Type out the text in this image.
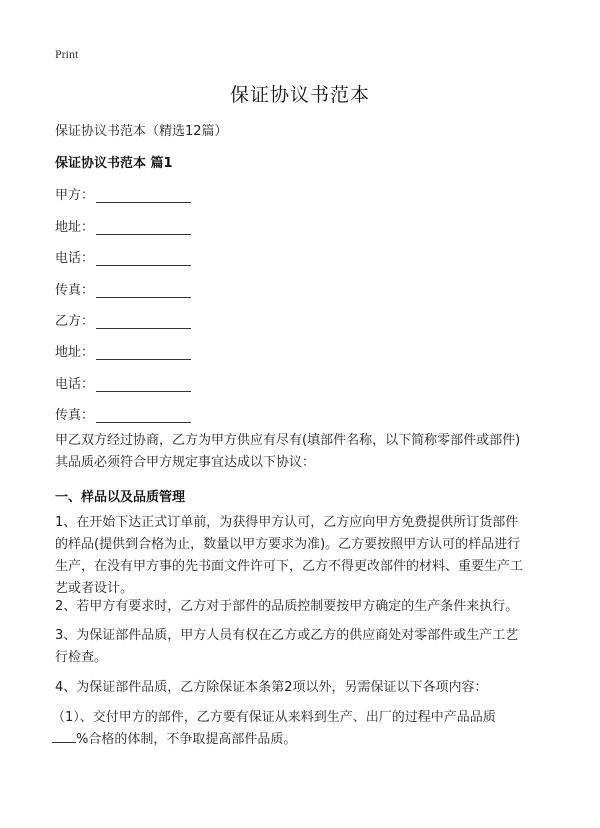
Print
保证协议书范本
保证协议书范本（精选12篇）
保证协议书范本 篇1
甲方：
地址：
电话：
传真：
乙方：
地址：
电话：
传真：
甲乙双方经过协商，乙方为甲方供应有尽有(填部件名称，以下简称零部件或部件)
其品质必须符合甲方规定事宜达成以下协议：
一、样品以及品质管理
1、在开始下达正式订单前，为获得甲方认可，乙方应向甲方免费提供所订货部件
的样品(提供到合格为止，数量以甲方要求为准)。乙方要按照甲方认可的样品进行
生产，在没有甲方事的先书面文件许可下，乙方不得更改部件的材料、重要生产工
艺或者设计。
2、若甲方有要求时，乙方对于部件的品质控制要按甲方确定的生产条件来执行。
3、为保证部件品质，甲方人员有权在乙方或乙方的供应商处对零部件或生产工艺
行检查。
4、为保证部件品质，乙方除保证本条第2项以外，另需保证以下各项内容：
（1）、交付甲方的部件，乙方要有保证从来料到生产、出厂的过程中产品品质
%合格的体制，不争取提高部件品质。
